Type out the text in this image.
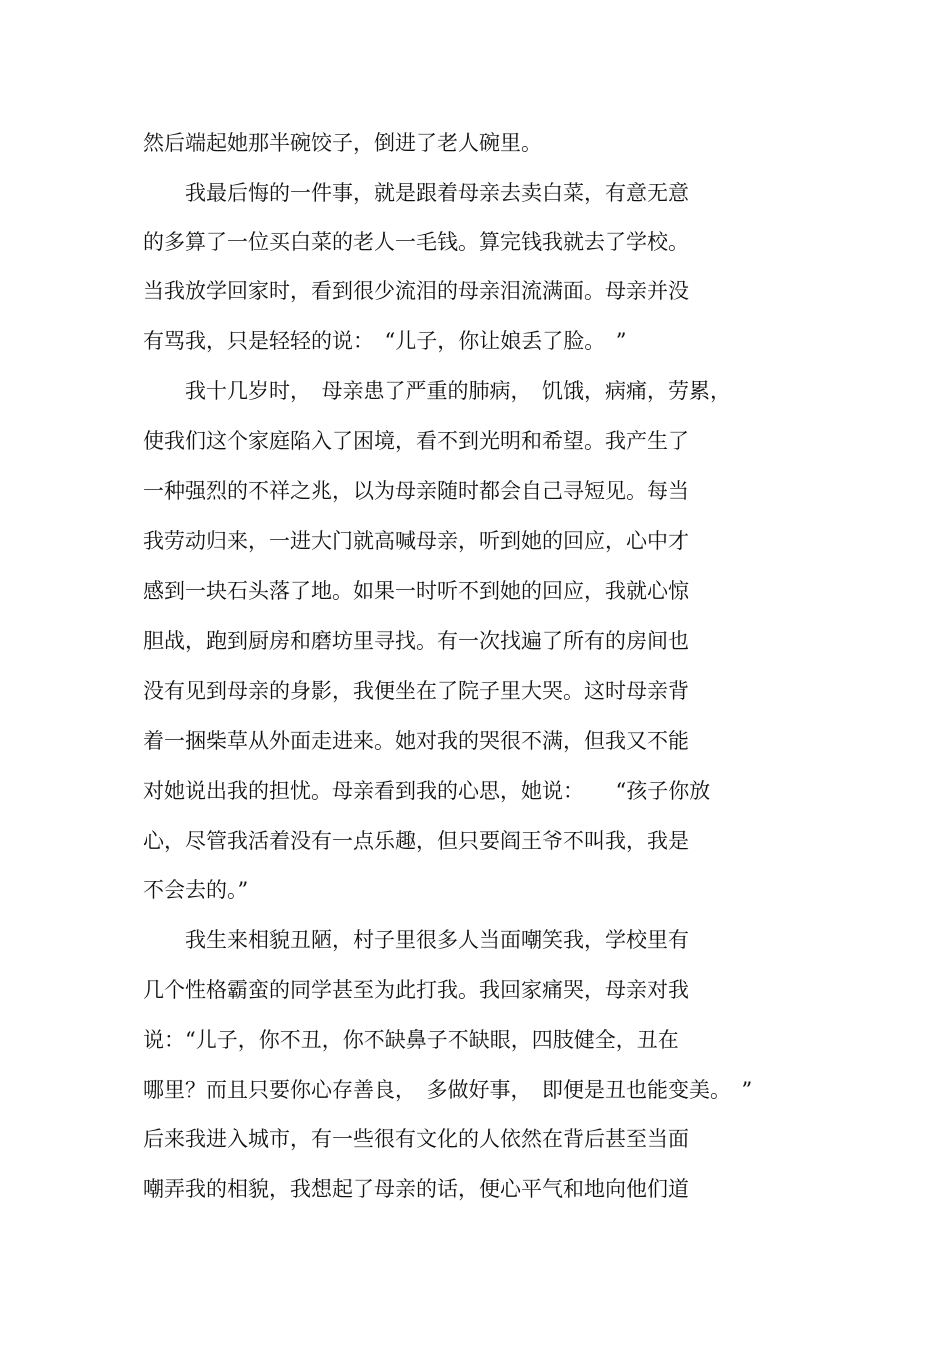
然后端起她那半碗饺子，倒进了老人碗里。
　　我最后悔的一件事，就是跟着母亲去卖白菜，有意无意
的多算了一位买白菜的老人一毛钱。算完钱我就去了学校。
当我放学回家时，看到很少流泪的母亲泪流满面。母亲并没
有骂我，只是轻轻的说：　“儿子，你让娘丢了脸。　”
　　我十几岁时，　母亲患了严重的肺病，　饥饿，病痛，劳累，
使我们这个家庭陷入了困境，看不到光明和希望。我产生了
一种强烈的不祥之兆，以为母亲随时都会自己寻短见。每当
我劳动归来，一进大门就高喊母亲，听到她的回应，心中才
感到一块石头落了地。如果一时听不到她的回应，我就心惊
胆战，跑到厨房和磨坊里寻找。有一次找遍了所有的房间也
没有见到母亲的身影，我便坐在了院子里大哭。这时母亲背
着一捆柴草从外面走进来。她对我的哭很不满，但我又不能
对她说出我的担忧。母亲看到我的心思，她说：　　“孩子你放
心，尽管我活着没有一点乐趣，但只要阎王爷不叫我，我是
不会去的。”
　　我生来相貌丑陋，村子里很多人当面嘲笑我，学校里有
几个性格霸蛮的同学甚至为此打我。我回家痛哭，母亲对我
说：“儿子，你不丑，你不缺鼻子不缺眼，四肢健全，丑在
哪里？而且只要你心存善良，　多做好事，　即便是丑也能变美。　”
后来我进入城市，有一些很有文化的人依然在背后甚至当面
嘲弄我的相貌，我想起了母亲的话，便心平气和地向他们道
